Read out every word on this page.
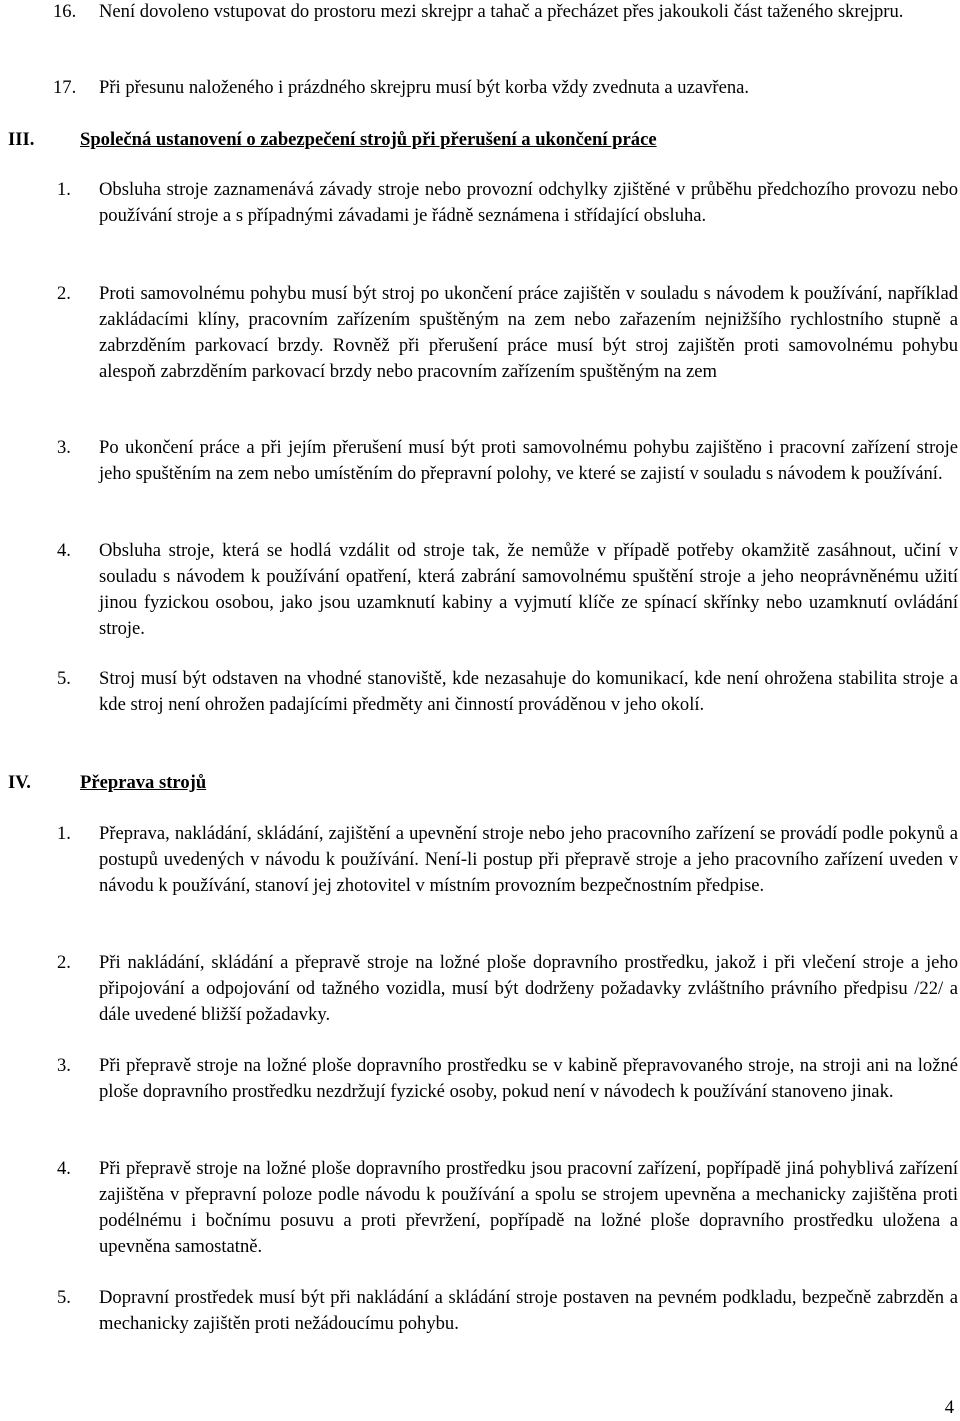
16. Není dovoleno vstupovat do prostoru mezi skrejpr a tahač a přecházet přes jakoukoli část taženého skrejpru.
17. Při přesunu naloženého i prázdného skrejpru musí být korba vždy zvednuta a uzavřena.
III. Společná ustanovení o zabezpečení strojů při přerušení a ukončení práce
1. Obsluha stroje zaznamenává závady stroje nebo provozní odchylky zjištěné v průběhu předchozího provozu nebo používání stroje a s případnými závadami je řádně seznámena i střídající obsluha.
2. Proti samovolnému pohybu musí být stroj po ukončení práce zajištěn v souladu s návodem k používání, například zakládacími klíny, pracovním zařízením spuštěným na zem nebo zařazením nejnižšího rychlostního stupně a zabrzděním parkovací brzdy. Rovněž při přerušení práce musí být stroj zajištěn proti samovolnému pohybu alespoň zabrzděním parkovací brzdy nebo pracovním zařízením spuštěným na zem
3. Po ukončení práce a při jejím přerušení musí být proti samovolnému pohybu zajištěno i pracovní zařízení stroje jeho spuštěním na zem nebo umístěním do přepravní polohy, ve které se zajistí v souladu s návodem k používání.
4. Obsluha stroje, která se hodlá vzdálit od stroje tak, že nemůže v případě potřeby okamžitě zasáhnout, učiní v souladu s návodem k používání opatření, která zabrání samovolnému spuštění stroje a jeho neoprávněnému užití jinou fyzickou osobou, jako jsou uzamknutí kabiny a vyjmutí klíče ze spínací skřínky nebo uzamknutí ovládání stroje.
5. Stroj musí být odstaven na vhodné stanoviště, kde nezasahuje do komunikací, kde není ohrožena stabilita stroje a kde stroj není ohrožen padajícími předměty ani činností prováděnou v jeho okolí.
IV.	Přeprava strojů
1. Přeprava, nakládání, skládání, zajištění a upevnění stroje nebo jeho pracovního zařízení se provádí podle pokynů a postupů uvedených v návodu k používání. Není-li postup při přepravě stroje a jeho pracovního zařízení uveden v návodu k používání, stanoví jej zhotovitel v místním provozním bezpečnostním předpise.
2. Při nakládání, skládání a přepravě stroje na ložné ploše dopravního prostředku, jakož i při vlečení stroje a jeho připojování a odpojování od tažného vozidla, musí být dodrženy požadavky zvláštního právního předpisu /22/ a dále uvedené bližší požadavky.
3. Při přepravě stroje na ložné ploše dopravního prostředku se v kabině přepravovaného stroje, na stroji ani na ložné ploše dopravního prostředku nezdržují fyzické osoby, pokud není v návodech k používání stanoveno jinak.
4. Při přepravě stroje na ložné ploše dopravního prostředku jsou pracovní zařízení, popřípadě jiná pohyblivá zařízení zajištěna v přepravní poloze podle návodu k používání a spolu se strojem upevněna a mechanicky zajištěna proti podélnému i bočnímu posuvu a proti převržení, popřípadě na ložné ploše dopravního prostředku uložena a upevněna samostatně.
5. Dopravní prostředek musí být při nakládání a skládání stroje postaven na pevném podkladu, bezpečně zabrzděn a mechanicky zajištěn proti nežádoucímu pohybu.
4
